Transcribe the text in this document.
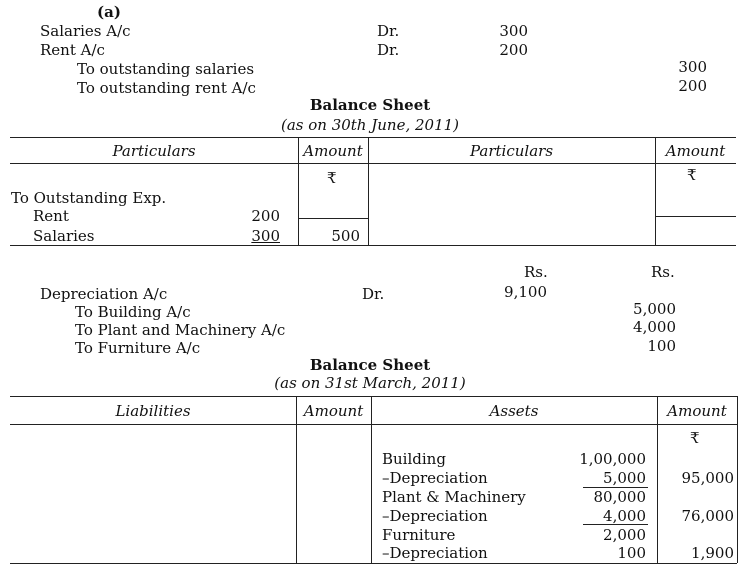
(a)
Salaries A/c	Dr.	300
Rent A/c	Dr.	200
To outstanding salaries	300
To outstanding rent A/c	200
Balance Sheet
(as on 30th June, 2011)
Particulars	Amount	Particulars	Amount
₹	₹
To Outstanding Exp.
Rent	200
Salaries	300	500
Rs.	Rs.
Depreciation A/c	Dr.	9,100
To Building A/c	5,000
To Plant and Machinery A/c	4,000
To Furniture A/c	100
Balance Sheet
(as on 31st March, 2011)
Liabilities	Amount	Assets	Amount
₹
Building	1,00,000
–Depreciation	5,000	95,000
Plant & Machinery	80,000
–Depreciation	4,000	76,000
Furniture	2,000
–Depreciation	100	1,900
